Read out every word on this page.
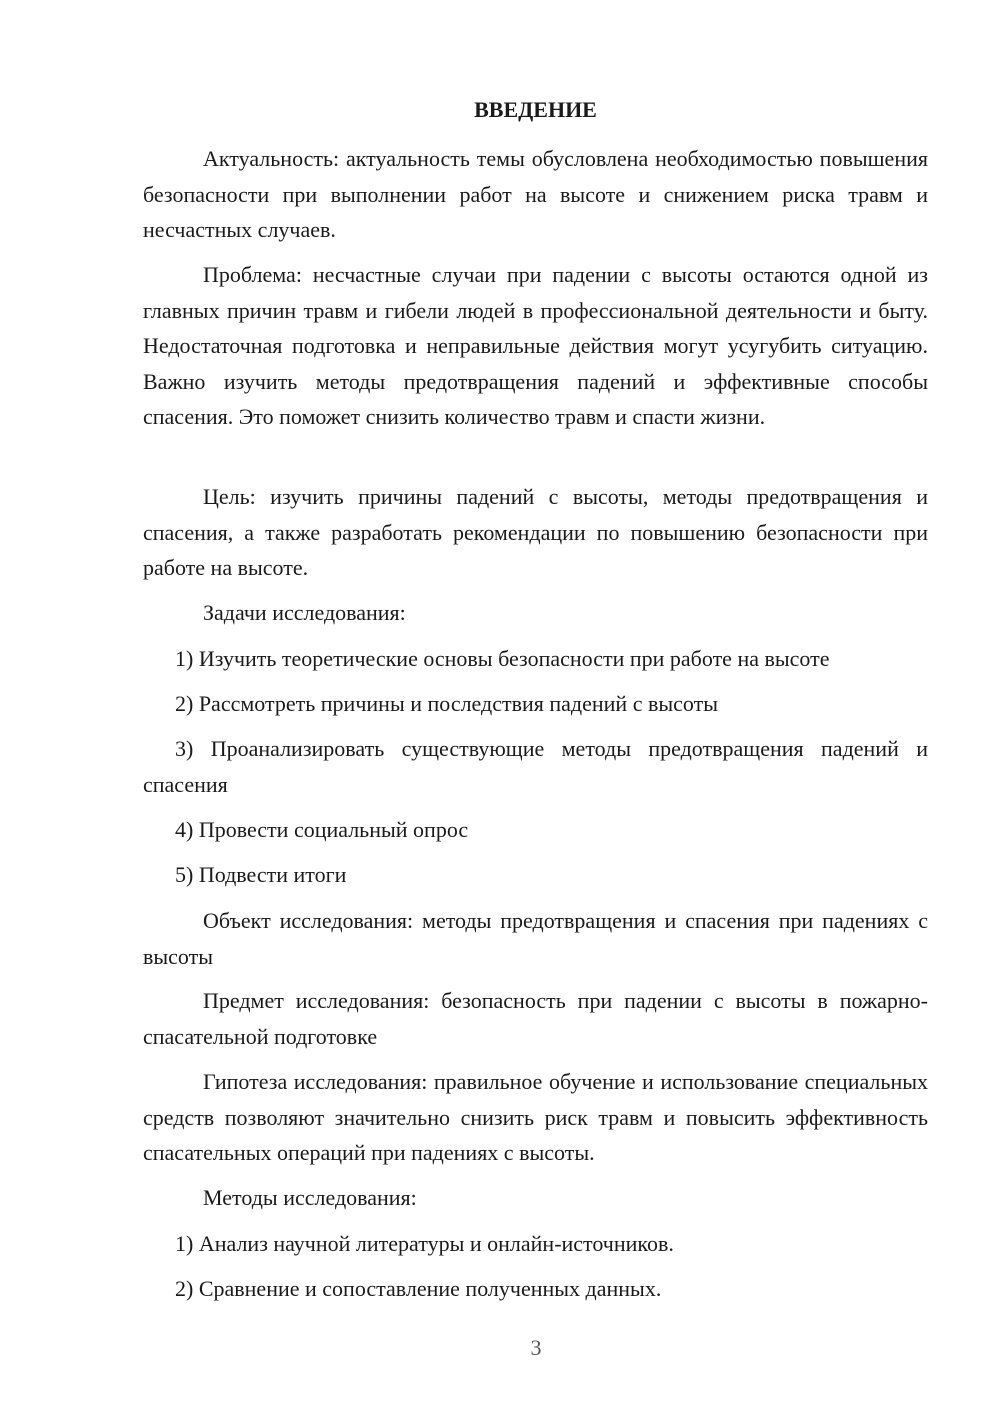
ВВЕДЕНИЕ

Актуальность: актуальность темы обусловлена необходимостью повышения безопасности при выполнении работ на высоте и снижением риска травм и несчастных случаев.

Проблема: несчастные случаи при падении с высоты остаются одной из главных причин травм и гибели людей в профессиональной деятельности и быту. Недостаточная подготовка и неправильные действия могут усугубить ситуацию. Важно изучить методы предотвращения падений и эффективные способы спасения. Это поможет снизить количество травм и спасти жизни.

Цель: изучить причины падений с высоты, методы предотвращения и спасения, а также разработать рекомендации по повышению безопасности при работе на высоте.

Задачи исследования:

1) Изучить теоретические основы безопасности при работе на высоте

2) Рассмотреть причины и последствия падений с высоты

3) Проанализировать существующие методы предотвращения падений и спасения

4) Провести социальный опрос

5) Подвести итоги

Объект исследования: методы предотвращения и спасения при падениях с высоты

Предмет исследования: безопасность при падении с высоты в пожарно-спасательной подготовке

Гипотеза исследования: правильное обучение и использование специальных средств позволяют значительно снизить риск травм и повысить эффективность спасательных операций при падениях с высоты.

Методы исследования:

1) Анализ научной литературы и онлайн-источников.

2) Сравнение и сопоставление полученных данных.

3
